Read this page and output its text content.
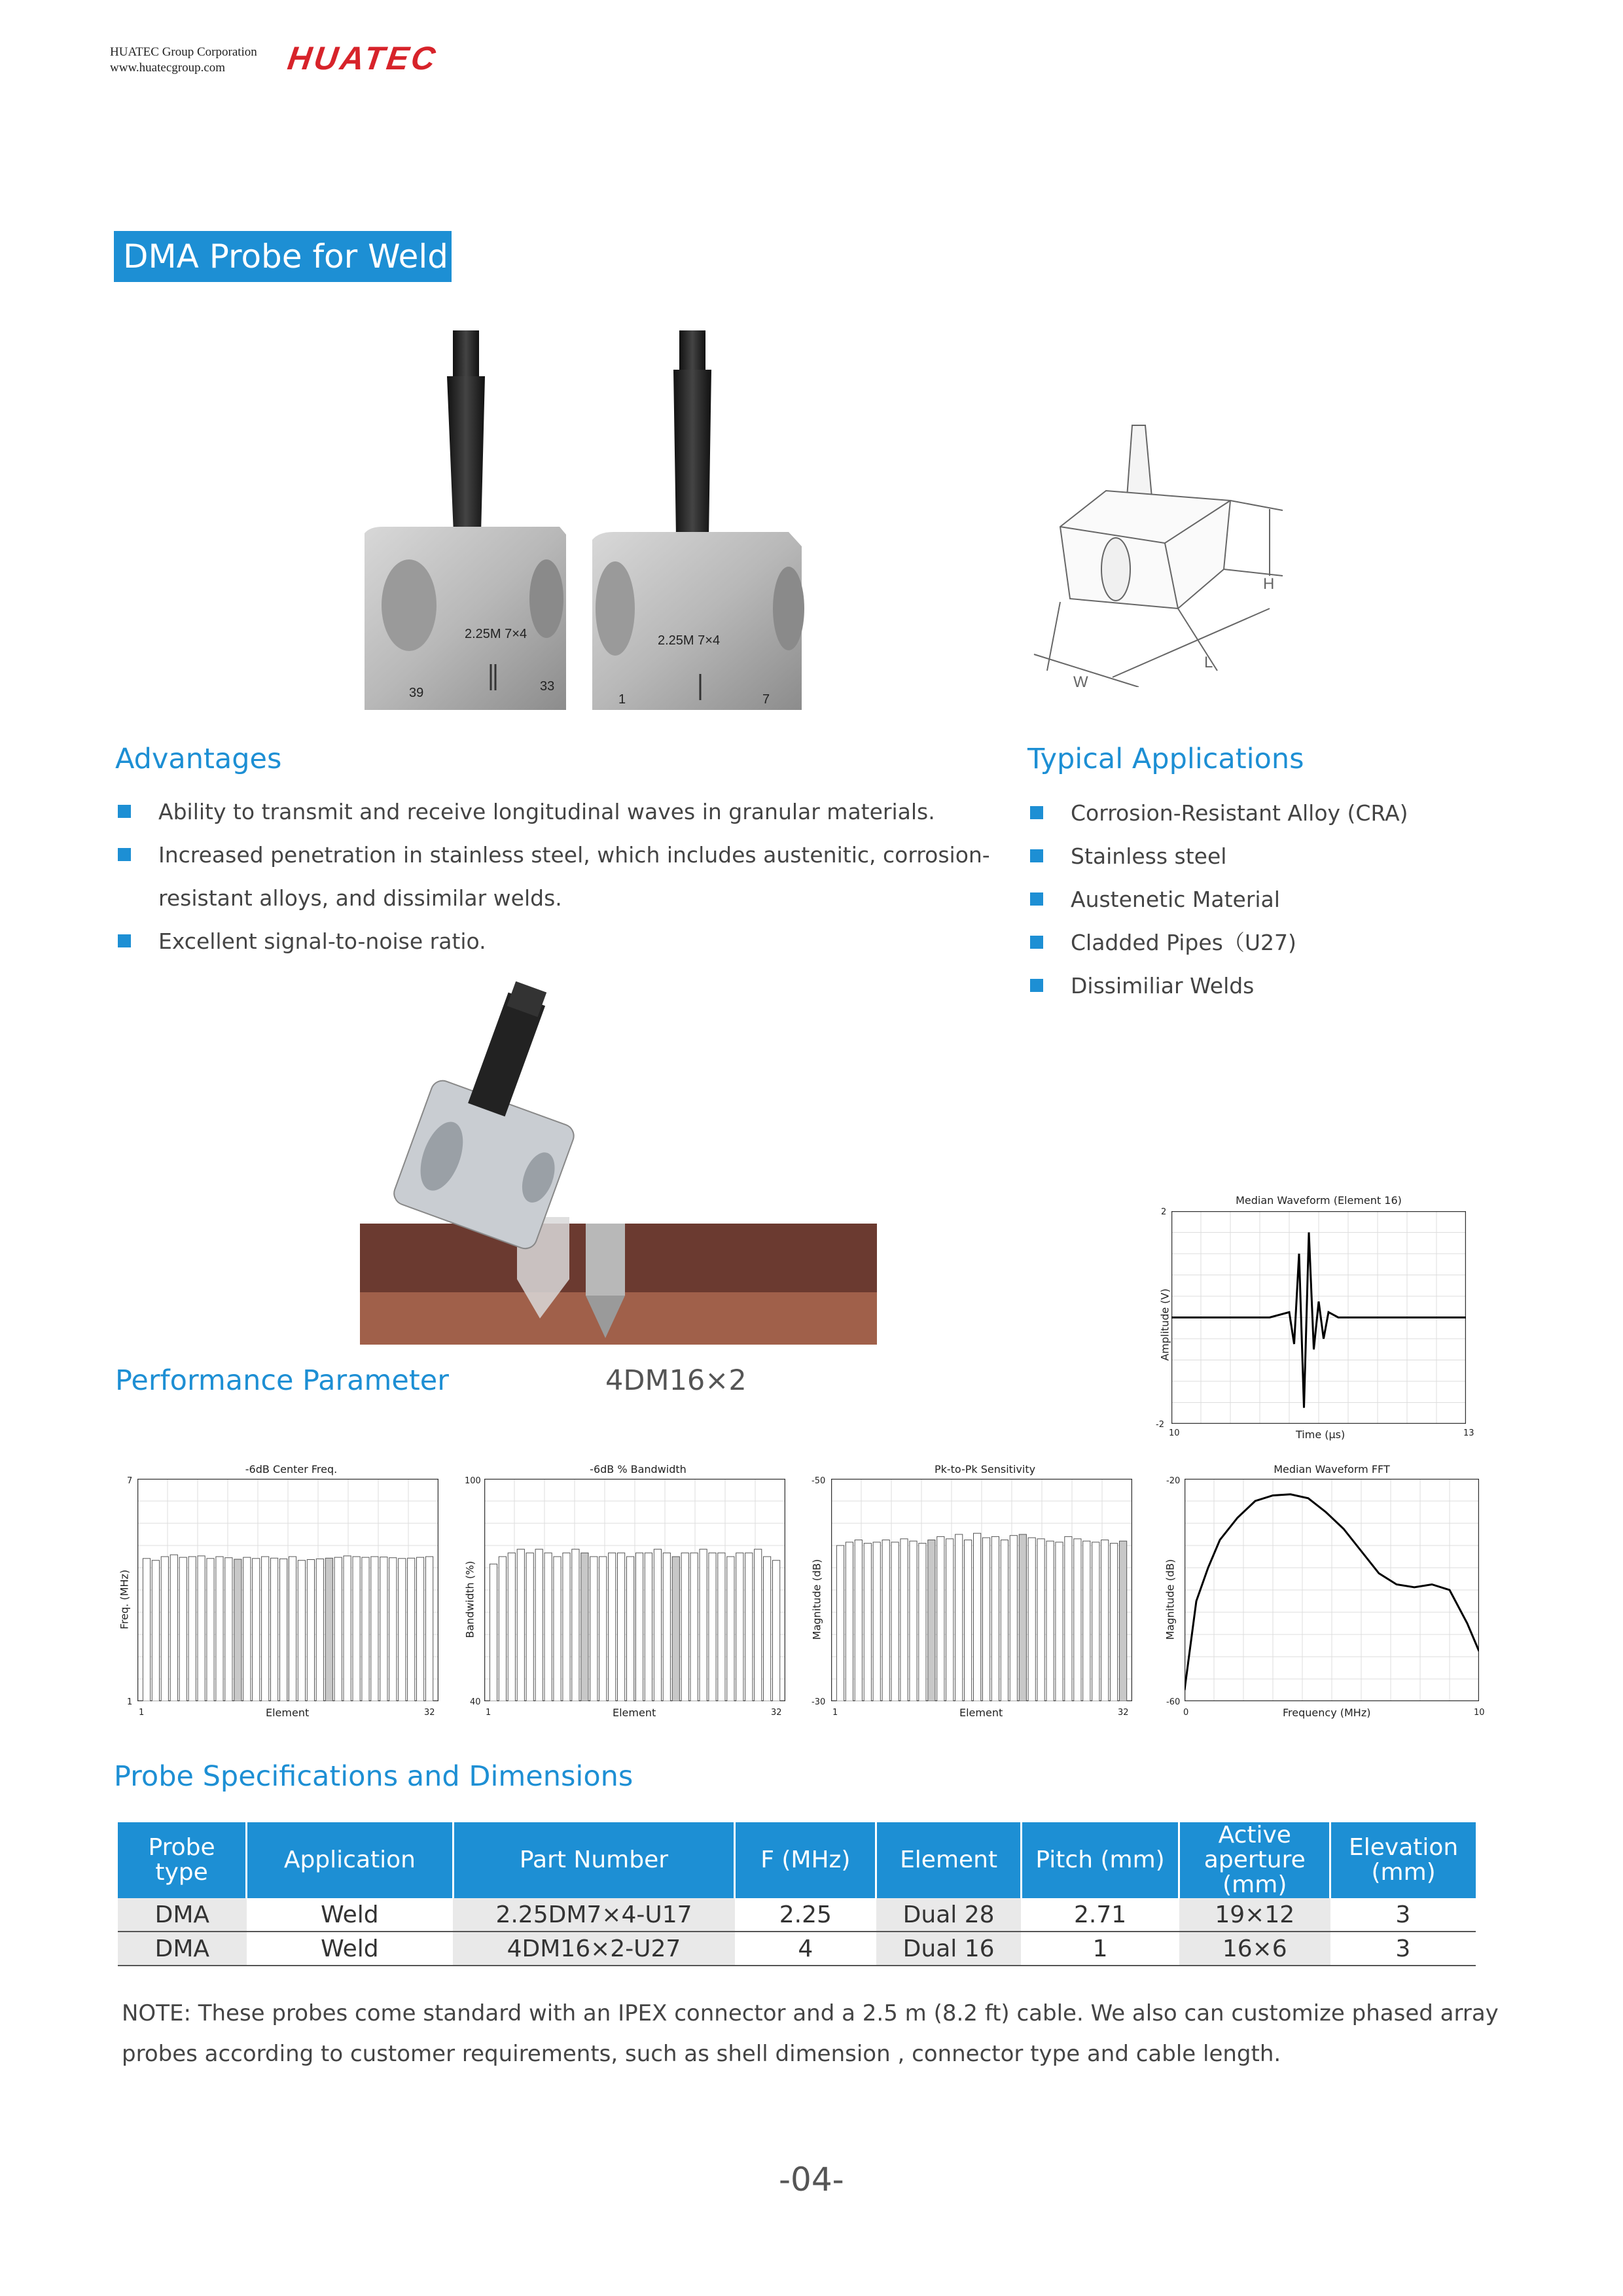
HUATEC Group Corporation
www.huatecgroup.com	HUATEC
DMA Probe for Weld
2.25M 7×4
39	33
2.25M 7×4
1	7
H
W
L
Advantages
Ability to transmit and receive longitudinal waves in granular materials.
Increased penetration in stainless steel, which includes austenitic, corrosion-
resistant alloys, and dissimilar welds.
Excellent signal-to-noise ratio.
Typical Applications
Corrosion-Resistant Alloy (CRA)
Stainless steel
Austenetic Material
Cladded Pipes（U27)
Dissimiliar Welds
Performance Parameter	4DM16×2
Median Waveform (Element 16)
2
-2
10	13
Time (µs)
Amplitude (V)
-6dB Center Freq.
7
1
1	32
Element
Freq. (MHz)
-6dB % Bandwidth
100
40
1	32
Element
Bandwidth (%)
Pk-to-Pk Sensitivity
-50
-30
1	32
Element
Magnitude (dB)
Median Waveform FFT
-20
-60
0	10
Frequency (MHz)
Magnitude (dB)
Probe Specifications and Dimensions
Probe type	Application	Part Number	F (MHz)	Element	Pitch (mm)	Active aperture (mm)	Elevation (mm)
DMA	Weld	2.25DM7×4-U17	2.25	Dual 28	2.71	19×12	3
DMA	Weld	4DM16×2-U27	4	Dual 16	1	16×6	3
NOTE: These probes come standard with an IPEX connector and a 2.5 m (8.2 ft) cable. We also can customize phased array probes according to customer requirements, such as shell dimension , connector type and cable length.
-04-
